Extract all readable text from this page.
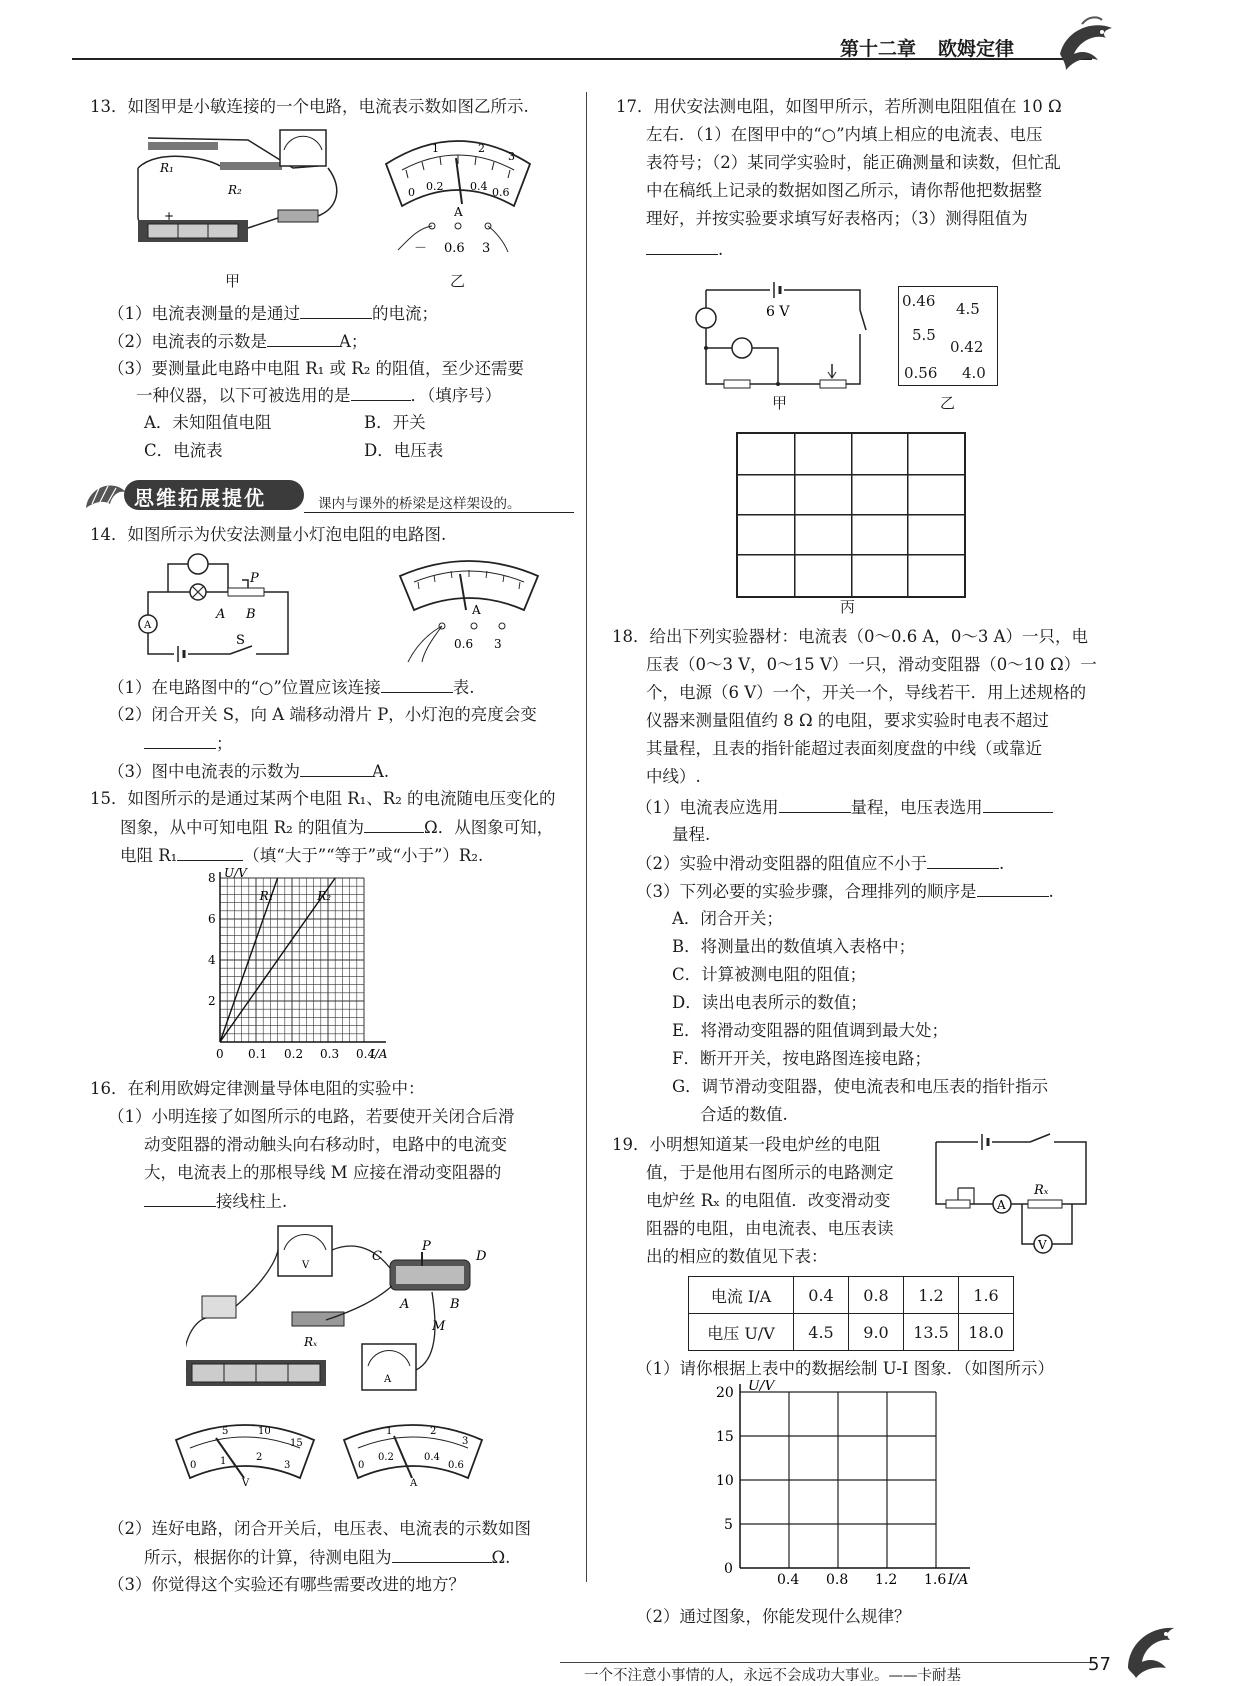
第十二章 欧姆定律
13．如图甲是小敏连接的一个电路，电流表示数如图乙所示.
R₁
R₂
+
0 0.2 0.4 0.6
1	2
3
A
－ 0.6 3
甲	乙
（1）电流表测量的是通过	的电流；
（2）电流表的示数是	A；
（3）要测量此电路中电阻 R₁ 或 R₂ 的阻值，至少还需要
一种仪器，以下可被选用的是	．（填序号）
A．未知阻值电阻	B．开关
C．电流表	D．电压表
思维拓展提优	课内与课外的桥梁是这样架设的。
14．如图所示为伏安法测量小灯泡电阻的电路图.
A
A B
P
S
A
0.6 3
（1）在电路图中的“○”位置应该连接	表.
（2）闭合开关 S，向 A 端移动滑片 P，小灯泡的亮度会变
；
（3）图中电流表的示数为	A.
15．如图所示的是通过某两个电阻 R₁、R₂ 的电流随电压变化的
图象，从中可知电阻 R₂ 的阻值为	Ω．从图象可知，
电阻 R₁	（填“大于”“等于”或“小于”）R₂.
0 0.1 0.2 0.3 0.4
2
4
6
8
I/A
U/V
R₁	R₂
16．在利用欧姆定律测量导体电阻的实验中：
（1）小明连接了如图所示的电路，若要使开关闭合后滑
动变阻器的滑动触头向右移动时，电路中的电流变
大，电流表上的那根导线 M 应接在滑动变阻器的
接线柱上.
V
Rₓ
C
P
D
A	B
M
A
0
5	10
15
1	2
3
V
0
0.2	0.4
0.6
1	2
3
A
（2）连好电路，闭合开关后，电压表、电流表的示数如图
所示，根据你的计算，待测电阻为	Ω.
（3）你觉得这个实验还有哪些需要改进的地方？
17．用伏安法测电阻，如图甲所示，若所测电阻阻值在 10 Ω
左右．（1）在图甲中的“○”内填上相应的电流表、电压
表符号；（2）某同学实验时，能正确测量和读数，但忙乱
中在稿纸上记录的数据如图乙所示，请你帮他把数据整
理好，并按实验要求填写好表格丙；（3）测得阻值为
.
6 V
0.46 4.5
5.5
0.42
0.56 4.0
甲	乙
丙
18．给出下列实验器材：电流表（0～0.6 A，0～3 A）一只，电
压表（0～3 V，0～15 V）一只，滑动变阻器（0～10 Ω）一
个，电源（6 V）一个，开关一个，导线若干．用上述规格的
仪器来测量阻值约 8 Ω 的电阻，要求实验时电表不超过
其量程，且表的指针能超过表面刻度盘的中线（或靠近
中线）.
（1）电流表应选用	量程，电压表选用
量程.
（2）实验中滑动变阻器的阻值应不小于	.
（3）下列必要的实验步骤，合理排列的顺序是	.
A．闭合开关；
B．将测量出的数值填入表格中；
C．计算被测电阻的阻值；
D．读出电表所示的数值；
E．将滑动变阻器的阻值调到最大处；
F．断开开关，按电路图连接电路；
G．调节滑动变阻器，使电流表和电压表的指针指示
合适的数值.
19．小明想知道某一段电炉丝的电阻
值，于是他用右图所示的电路测定
电炉丝 Rₓ 的电阻值．改变滑动变
阻器的电阻，由电流表、电压表读
出的相应的数值见下表：
A
Rₓ
V
电流 I/A	0.4	0.8	1.2	1.6
电压 U/V	4.5	9.0	13.5	18.0
（1）请你根据上表中的数据绘制 U-I 图象．（如图所示）
0
5
10
15
20
0.4 0.8 1.2 1.6 I/A
U/V
（2）通过图象，你能发现什么规律？
一个不注意小事情的人，永远不会成功大事业。——卡耐基
57
